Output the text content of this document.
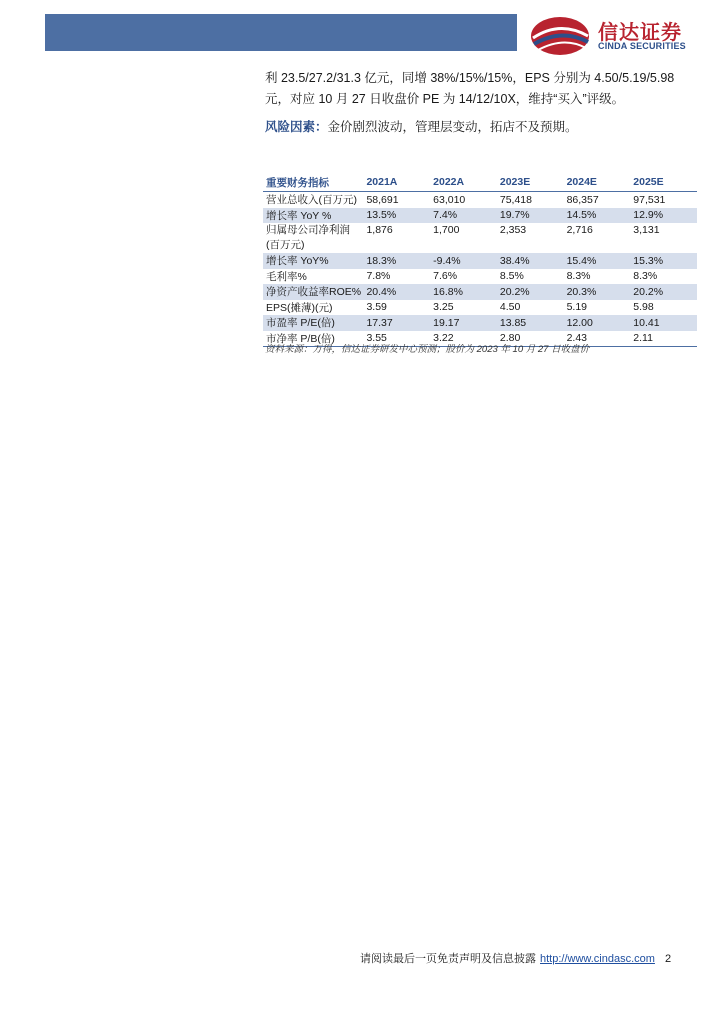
信达证券
CINDA SECURITIES
利 23.5/27.2/31.3 亿元，同增 38%/15%/15%，EPS 分别为 4.50/5.19/5.98
元，对应 10 月 27 日收盘价 PE 为 14/12/10X，维持“买入”评级。
风险因素：金价剧烈波动，管理层变动，拓店不及预期。
重要财务指标	2021A	2022A	2023E	2024E	2025E
营业总收入(百万元)	58,691	63,010	75,418	86,357	97,531
增长率 YoY %	13.5%	7.4%	19.7%	14.5%	12.9%

归属母公司净利润
(百万元)	1,876	1,700	2,353	2,716	3,131
增长率 YoY%	18.3%	-9.4%	38.4%	15.4%	15.3%
毛利率%	7.8%	7.6%	8.5%	8.3%	8.3%
净资产收益率ROE%	20.4%	16.8%	20.2%	20.3%	20.2%
EPS(摊薄)(元)	3.59	3.25	4.50	5.19	5.98
市盈率 P/E(倍)	17.37	19.17	13.85	12.00	10.41
市净率 P/B(倍)	3.55	3.22	2.80	2.43	2.11
资料来源：万得，信达证券研发中心预测；股价为 2023 年 10 月 27 日收盘价
请阅读最后一页免责声明及信息披露 http://www.cindasc.com 2
